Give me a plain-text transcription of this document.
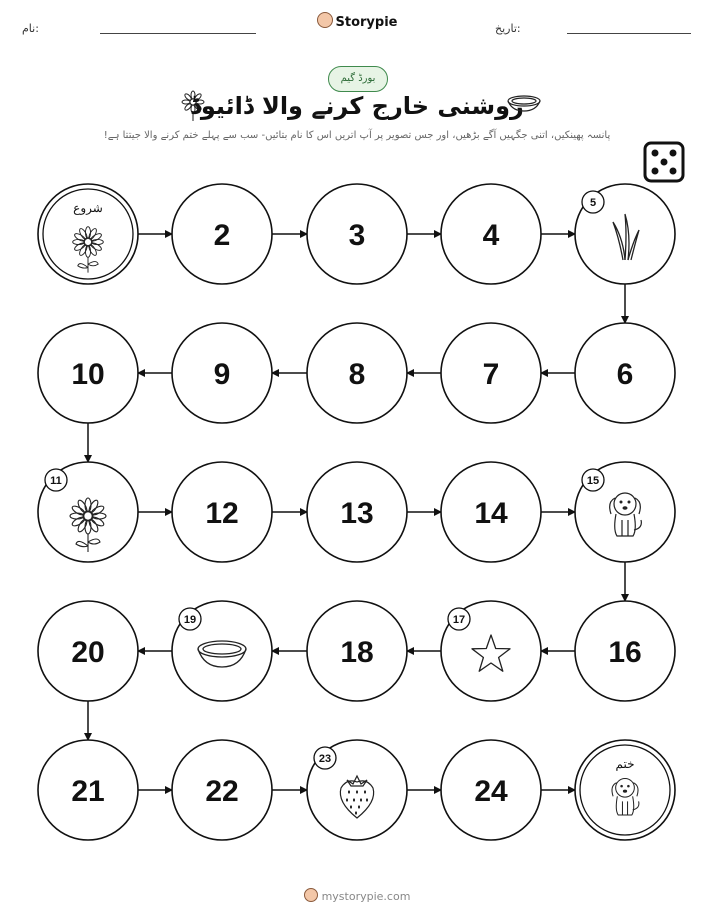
نام:	تاریخ:
Storypie
بورڈ گیم
روشنی خارج کرنے والا ڈائیوڈ
پانسہ پھینکیں، اتنی جگہیں آگے بڑھیں، اور جس تصویر پر آپ اتریں اس کا نام بتائیں- سب سے پہلے ختم کرنے والا جیتتا ہے!
شروع
2	3	4
5
6
7
8
9
10
11
12	13	14
15
16
17
18
19
20
21	22
23
24
ختم
mystorypie.com
